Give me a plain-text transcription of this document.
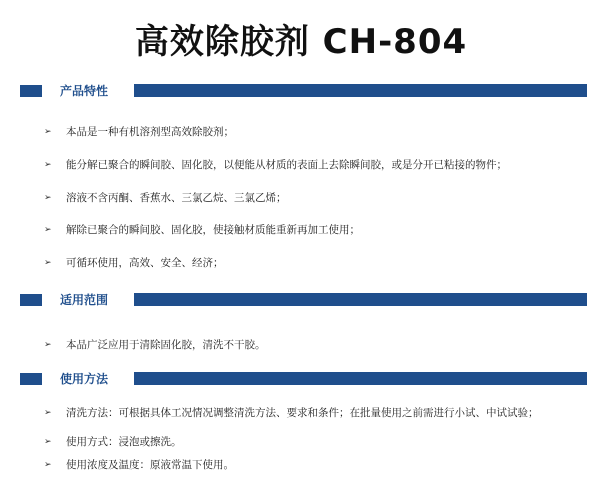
高效除胶剂 CH-804
产品特性
➢	本品是一种有机溶剂型高效除胶剂；
➢	能分解已聚合的瞬间胶、固化胶，以便能从材质的表面上去除瞬间胶，或是分开已粘接的物件；
➢	溶液不含丙酮、香蕉水、三氯乙烷、三氯乙烯；
➢	解除已聚合的瞬间胶、固化胶，使接触材质能重新再加工使用；
➢	可循环使用，高效、安全、经济；
适用范围
➢	本品广泛应用于清除固化胶，清洗不干胶。
使用方法
➢	清洗方法：可根据具体工况情况调整清洗方法、要求和条件；在批量使用之前需进行小试、中试试验；
➢	使用方式：浸泡或擦洗。
➢	使用浓度及温度：原液常温下使用。
